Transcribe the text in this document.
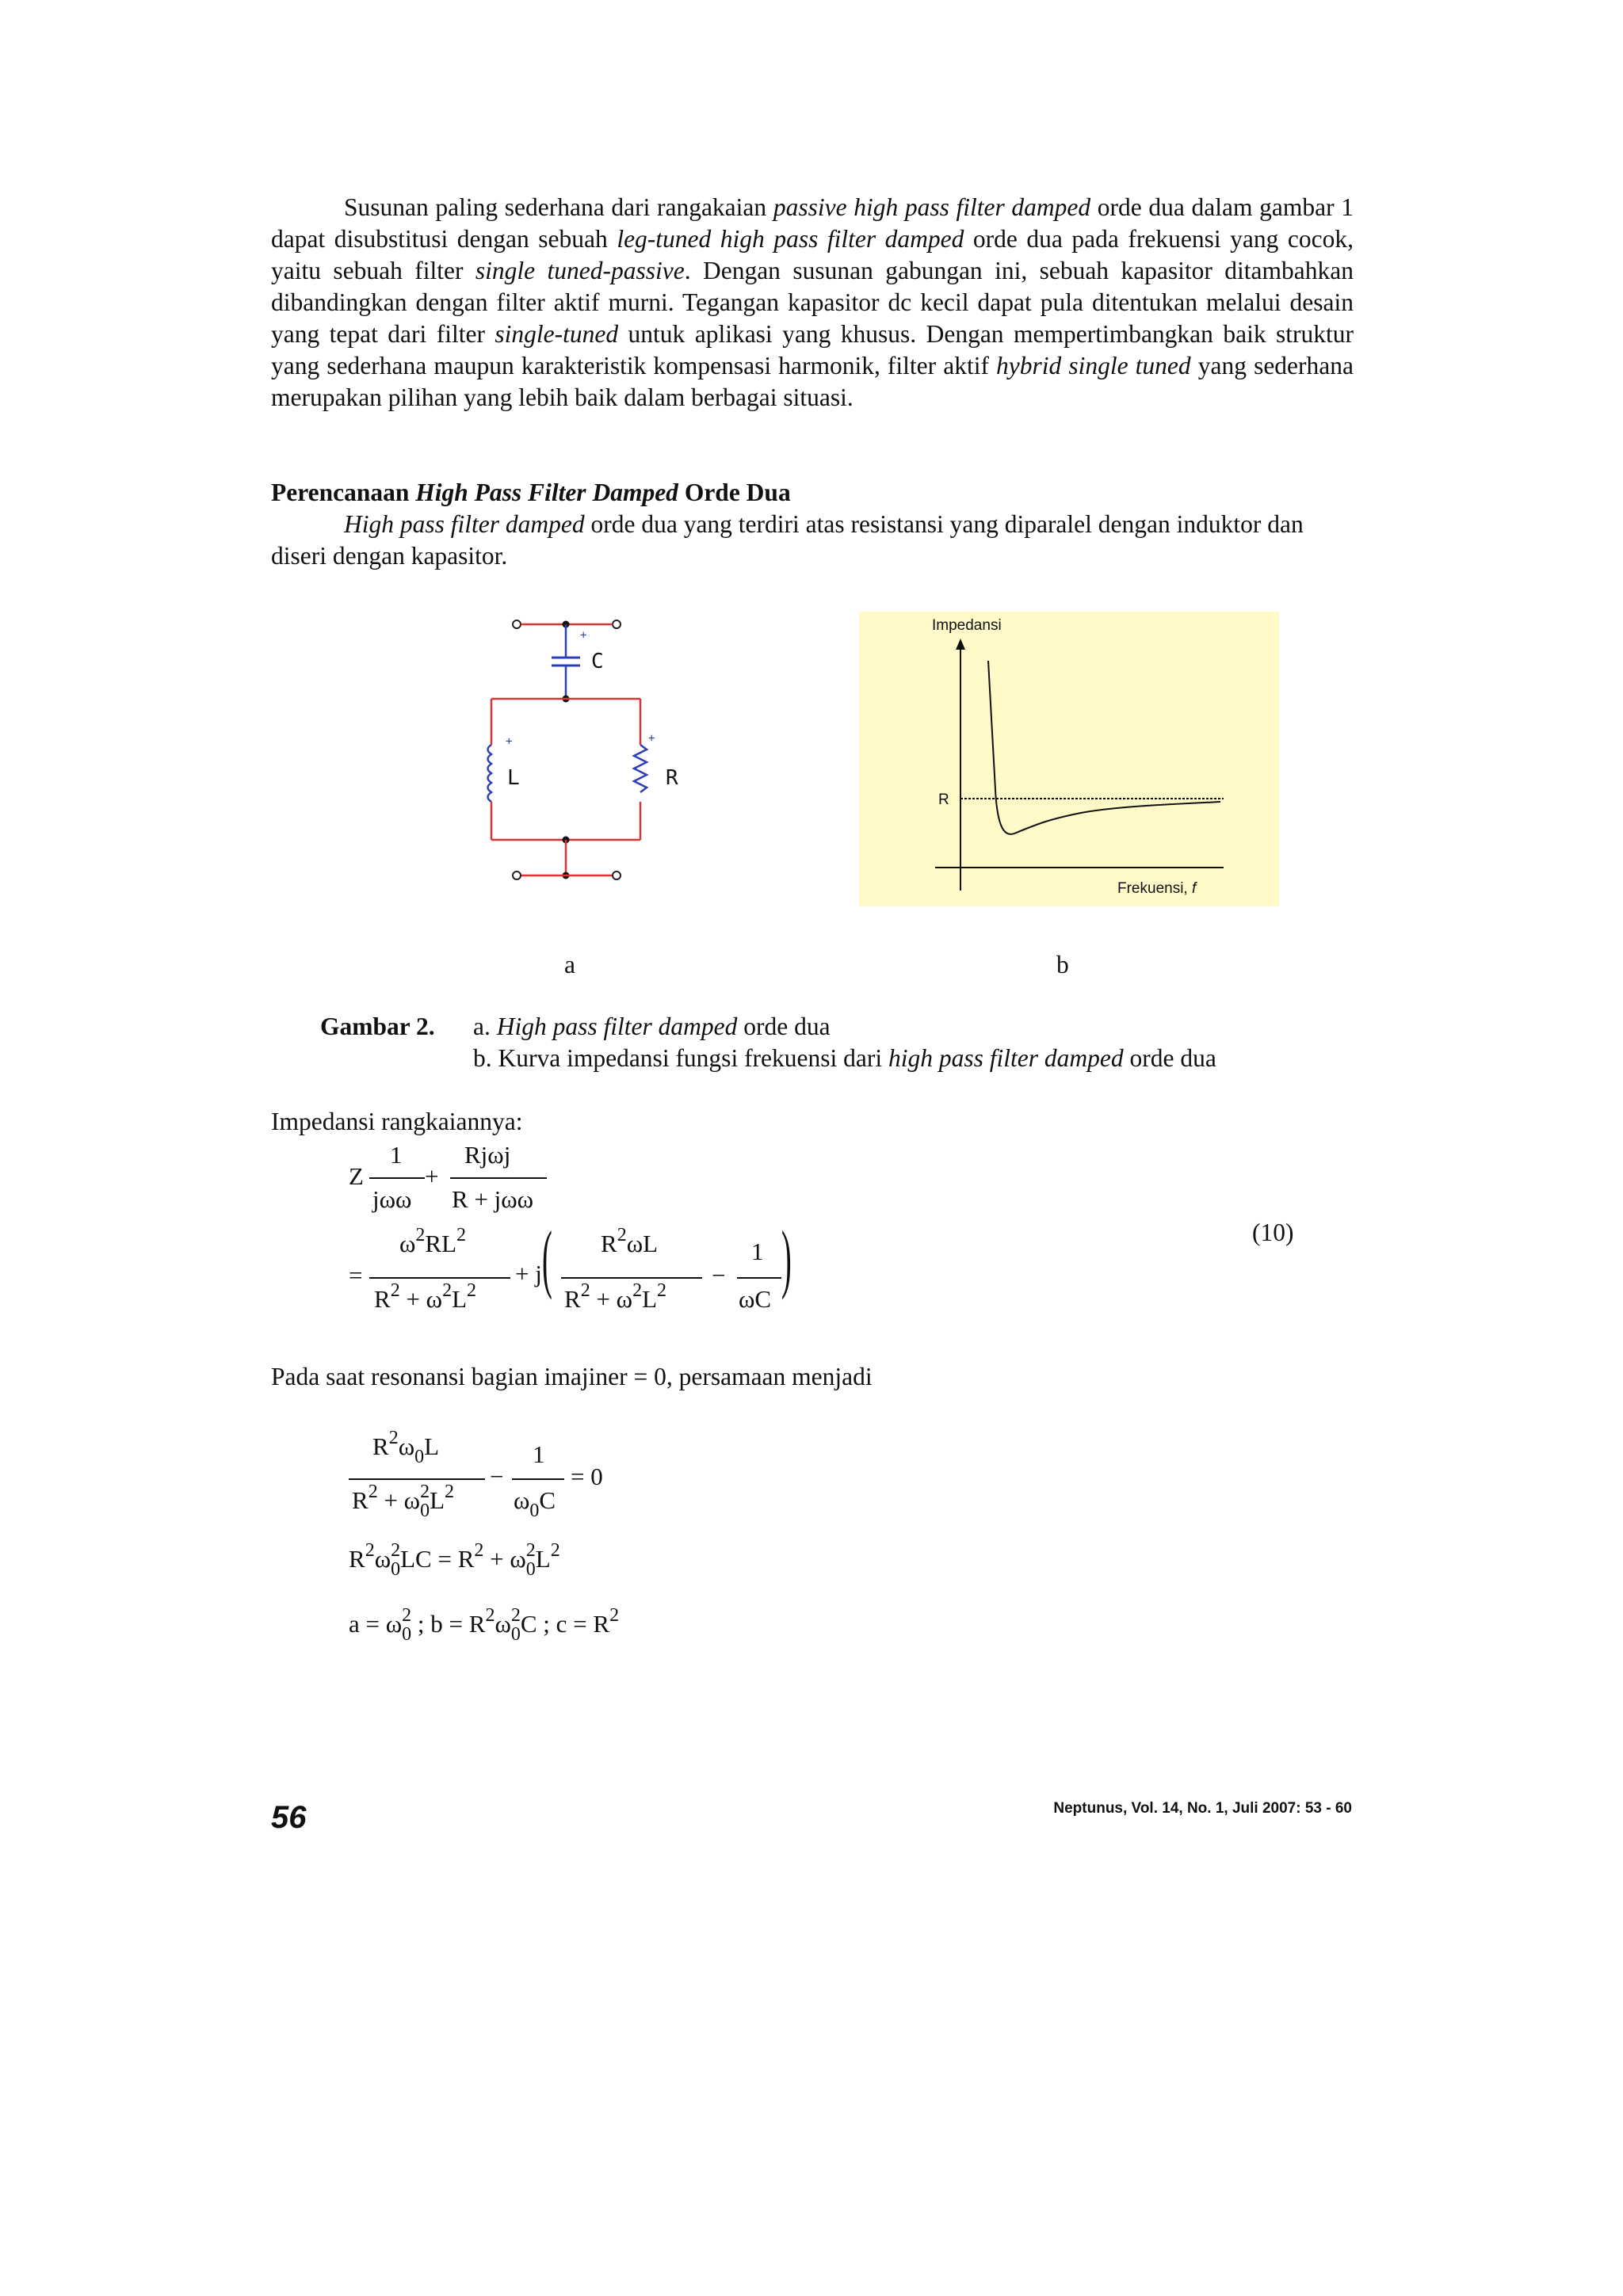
Susunan paling sederhana dari rangakaian passive high pass filter damped orde dua dalam gambar 1 dapat disubstitusi dengan sebuah leg-tuned high pass filter damped orde dua pada frekuensi yang cocok, yaitu sebuah filter single tuned-passive. Dengan susunan gabungan ini, sebuah kapasitor ditambahkan dibandingkan dengan filter aktif murni. Tegangan kapasitor dc kecil dapat pula ditentukan melalui desain yang tepat dari filter single-tuned untuk aplikasi yang khusus. Dengan mempertimbangkan baik struktur yang sederhana maupun karakteristik kompensasi harmonik, filter aktif hybrid single tuned yang sederhana merupakan pilihan yang lebih baik dalam berbagai situasi.

Perencanaan High Pass Filter Damped Orde Dua
High pass filter damped orde dua yang terdiri atas resistansi yang diparalel dengan induktor dan diseri dengan kapasitor.
+
C
+
L
+
R
Impedansi
R
Frekuensi, f
a	b
Gambar 2. a. High pass filter damped orde dua
b. Kurva impedansi fungsi frekuensi dari high pass filter damped orde dua
Impedansi rangkaiannya:
Z
1
jωω
+
Rjωj
R + jωω
=
$\omega^2RL^2$
$R^2 + \omega^2L^2$
+ j ( $R^2\omega L$
$R^2 + \omega^2L^2$
−
1
ωC )	(10)
Pada saat resonansi bagian imajiner = 0, persamaan menjadi
$R^2\omega_0L$
$R^2 + \omega_0^2L^2$
−
1
$\omega_0C$
= 0
$R^2\omega_0^2LC = R^2 + \omega_0^2L^2$
$a = \omega_0^2$ ; $b = R^2\omega_0^2C$ ; $c = R^2$
56	Neptunus, Vol. 14, No. 1, Juli 2007: 53 - 60
